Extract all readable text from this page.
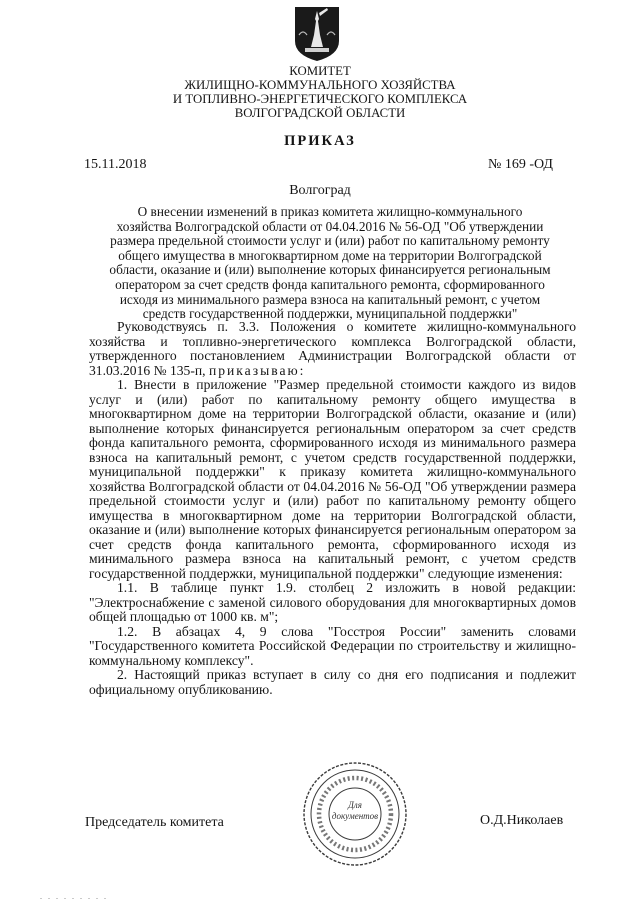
КОМИТЕТ
ЖИЛИЩНО-КОММУНАЛЬНОГО ХОЗЯЙСТВА
И ТОПЛИВНО-ЭНЕРГЕТИЧЕСКОГО КОМПЛЕКСА
ВОЛГОГРАДСКОЙ ОБЛАСТИ
ПРИКАЗ
15.11.2018	№ 169 -ОД
Волгоград
О внесении изменений в приказ комитета жилищно-коммунального
хозяйства Волгоградской области от 04.04.2016 № 56-ОД "Об утверждении
размера предельной стоимости услуг и (или) работ по капитальному ремонту
общего имущества в многоквартирном доме на территории Волгоградской
области, оказание и (или) выполнение которых финансируется региональным
оператором за счет средств фонда капитального ремонта, сформированного
исходя из минимального размера взноса на капитальный ремонт, с учетом
средств государственной поддержки, муниципальной поддержки"

Руководствуясь п. 3.3. Положения о комитете жилищно-коммунального хозяйства и топливно-энергетического комплекса Волгоградской области, утвержденного постановлением Администрации Волгоградской области от 31.03.2016 № 135-п, приказываю:

1. Внести в приложение "Размер предельной стоимости каждого из видов услуг и (или) работ по капитальному ремонту общего имущества в многоквартирном доме на территории Волгоградской области, оказание и (или) выполнение которых финансируется региональным оператором за счет средств фонда капитального ремонта, сформированного исходя из минимального размера взноса на капитальный ремонт, с учетом средств государственной поддержки, муниципальной поддержки" к приказу комитета жилищно-коммунального хозяйства Волгоградской области от 04.04.2016 № 56-ОД "Об утверждении размера предельной стоимости услуг и (или) работ по капитальному ремонту общего имущества в многоквартирном доме на территории Волгоградской области, оказание и (или) выполнение которых финансируется региональным оператором за счет средств фонда капитального ремонта, сформированного исходя из минимального размера взноса на капитальный ремонт, с учетом средств государственной поддержки, муниципальной поддержки" следующие изменения:

1.1. В таблице пункт 1.9. столбец 2 изложить в новой редакции: "Электроснабжение с заменой силового оборудования для многоквартирных домов общей площадью от 1000 кв. м";

1.2. В абзацах 4, 9 слова "Госстроя России" заменить словами "Государственного комитета Российской Федерации по строительству и жилищно-коммунальному комплексу".

2. Настоящий приказ вступает в силу со дня его подписания и подлежит официальному опубликованию.

Для документов
Председатель комитета	О.Д.Николаев
. . . . . . . . .
